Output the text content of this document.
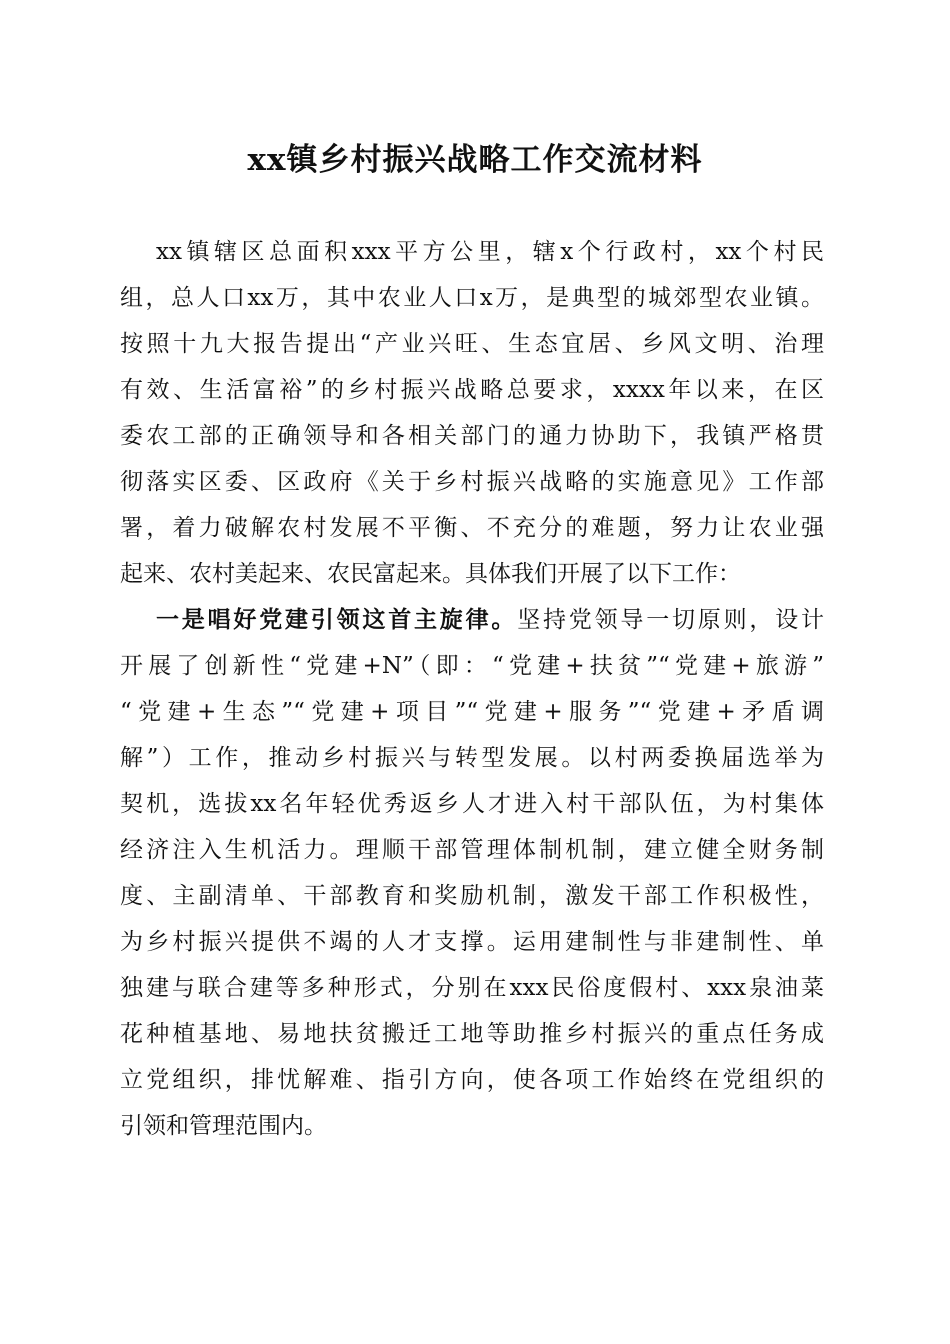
xx镇乡村振兴战略工作交流材料
xx镇辖区总面积xxx平方公里，辖x个行政村，xx个村民
组，总人口xx万，其中农业人口x万，是典型的城郊型农业镇。
按照十九大报告提出“产业兴旺、生态宜居、乡风文明、治理
有效、生活富裕”的乡村振兴战略总要求，xxxx年以来，在区
委农工部的正确领导和各相关部门的通力协助下，我镇严格贯
彻落实区委、区政府《关于乡村振兴战略的实施意见》工作部
署，着力破解农村发展不平衡、不充分的难题，努力让农业强
起来、农村美起来、农民富起来。具体我们开展了以下工作：
一是唱好党建引领这首主旋律。坚持党领导一切原则，设计
开展了创新性“党建+N”（即：“党建+扶贫”“党建+旅游”
“党建+生态”“党建+项目”“党建+服务”“党建+矛盾调
解”）工作，推动乡村振兴与转型发展。以村两委换届选举为
契机，选拔xx名年轻优秀返乡人才进入村干部队伍，为村集体
经济注入生机活力。理顺干部管理体制机制，建立健全财务制
度、主副清单、干部教育和奖励机制，激发干部工作积极性，
为乡村振兴提供不竭的人才支撑。运用建制性与非建制性、单
独建与联合建等多种形式，分别在xxx民俗度假村、xxx泉油菜
花种植基地、易地扶贫搬迁工地等助推乡村振兴的重点任务成
立党组织，排忧解难、指引方向，使各项工作始终在党组织的
引领和管理范围内。
